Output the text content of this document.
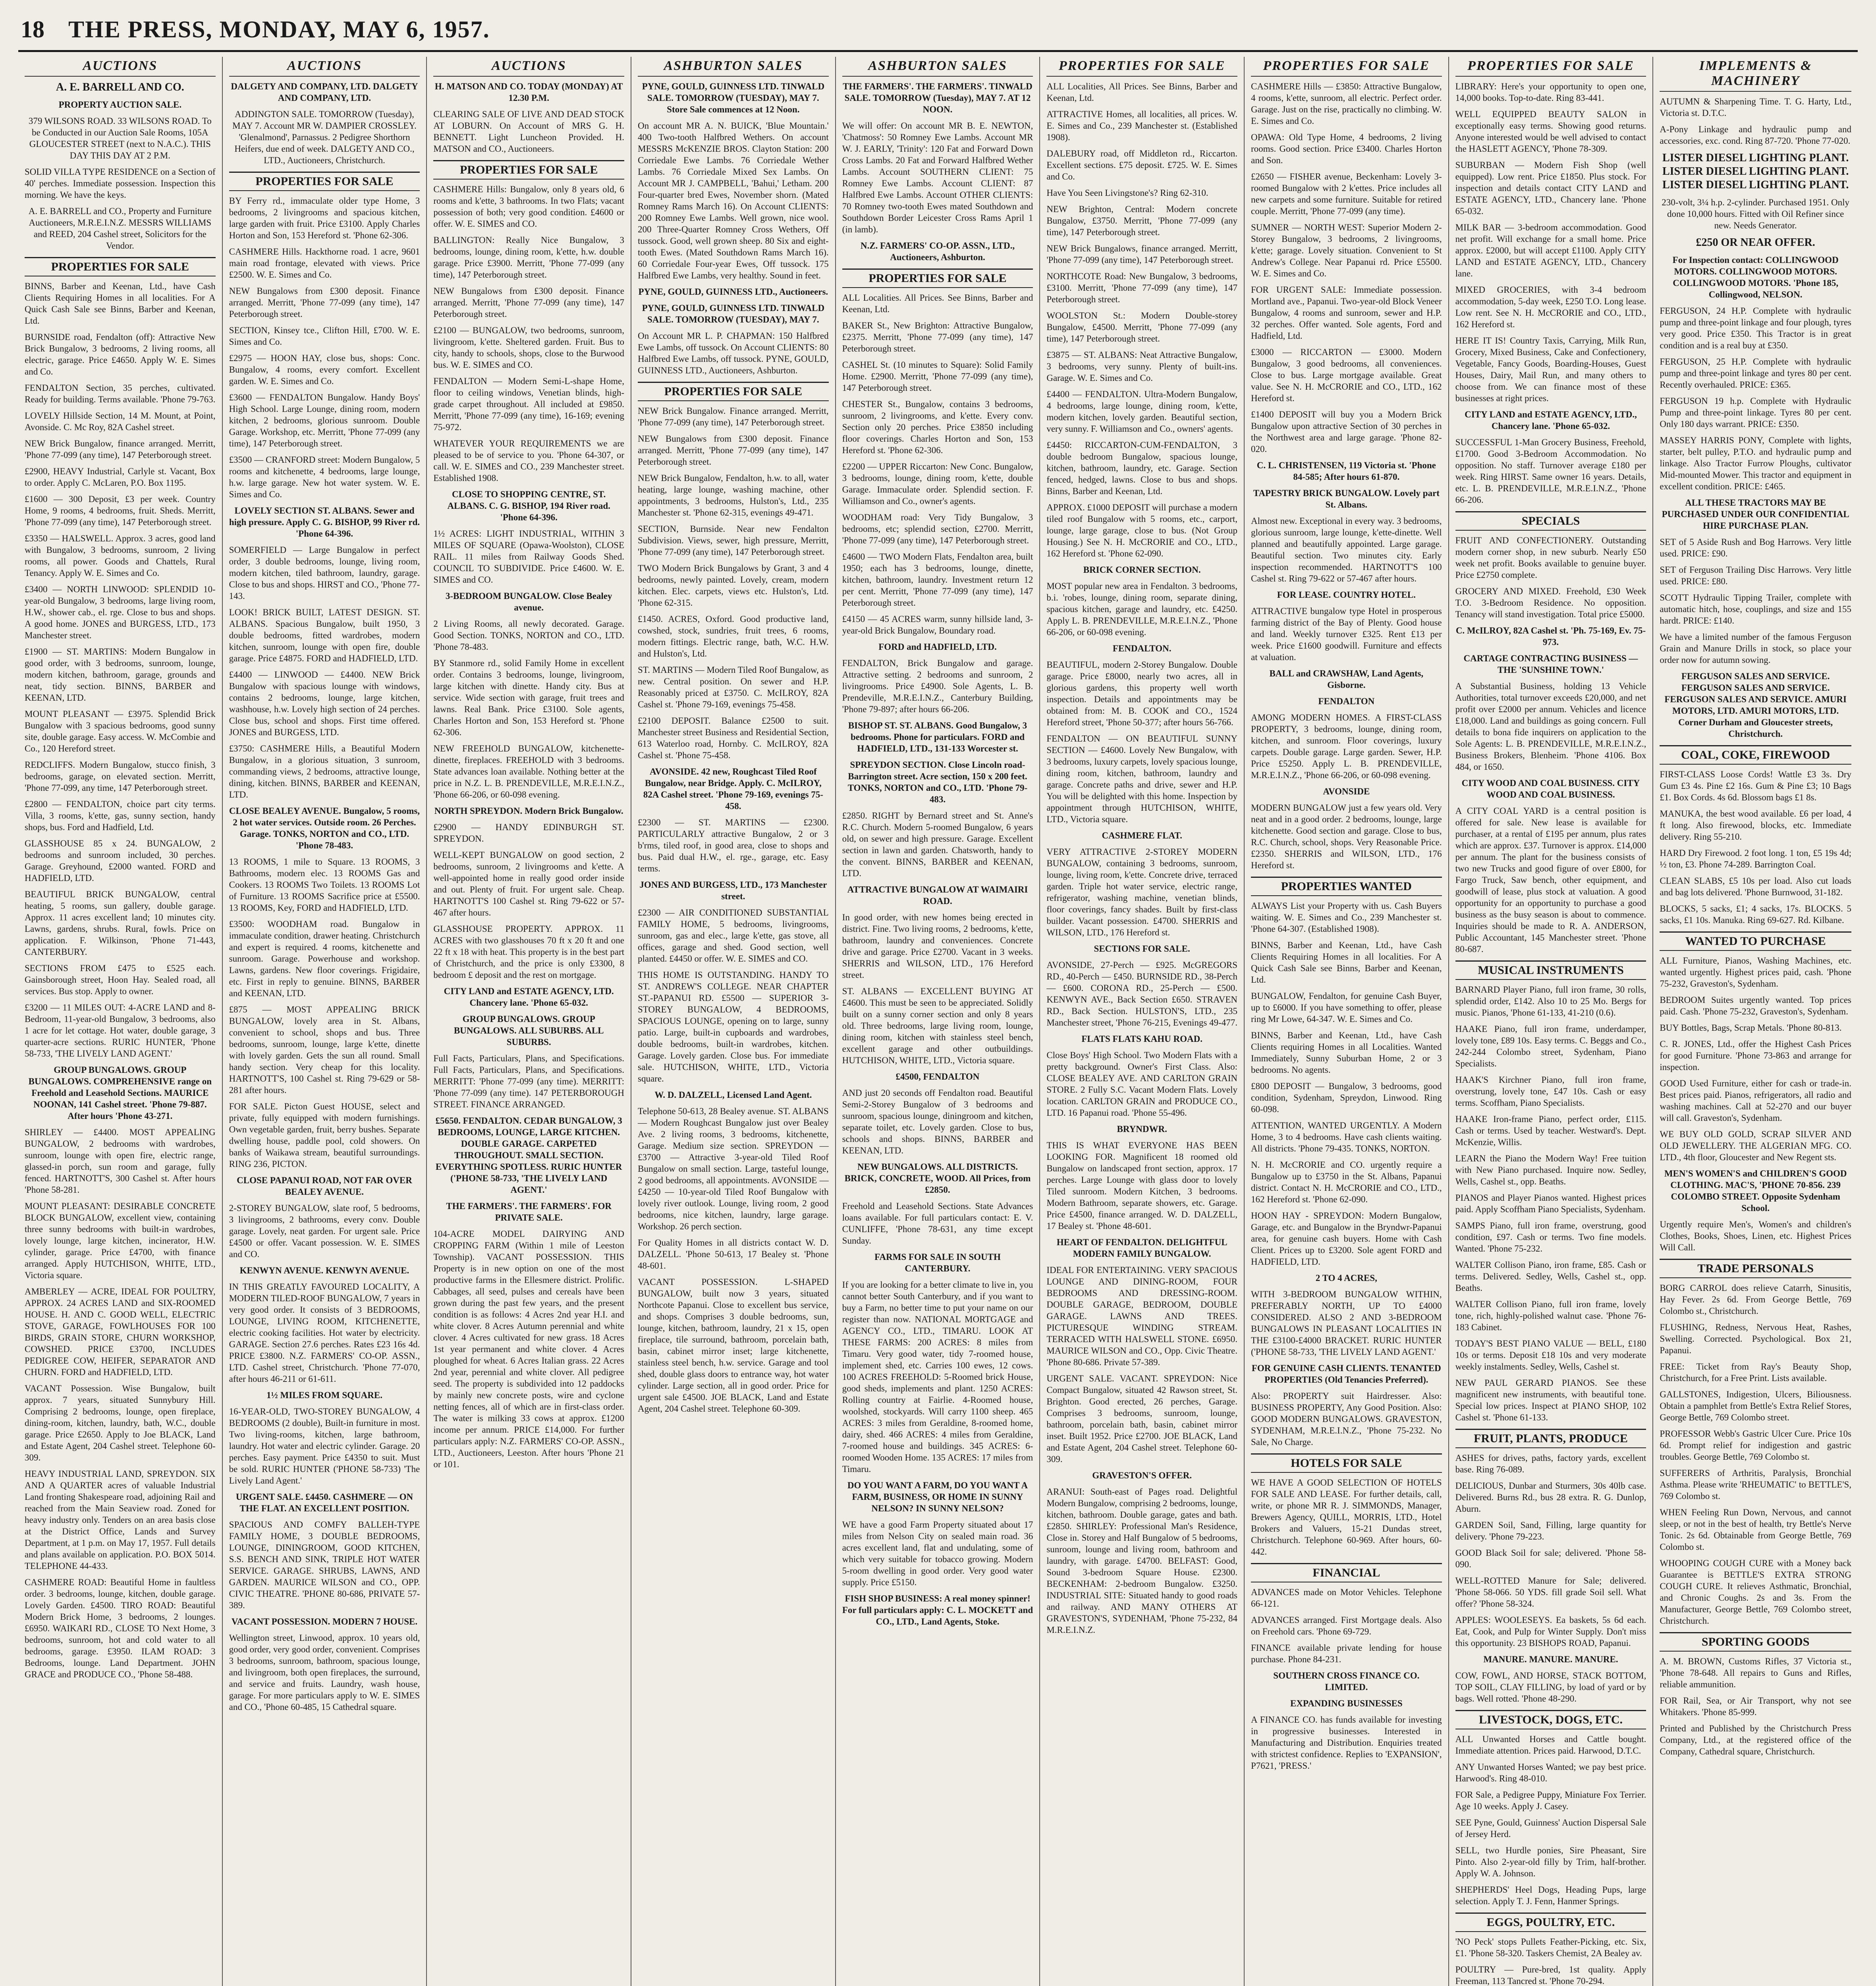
18 THE PRESS, MONDAY, MAY 6, 1957.
AUCTIONS
A. E. BARRELL AND CO.
PROPERTY AUCTION SALE.
379 WILSONS ROAD. 33 WILSONS ROAD. To be Conducted in our Auction Sale Rooms, 105A GLOUCESTER STREET (next to N.A.C.). THIS DAY THIS DAY AT 2 P.M.
SOLID VILLA TYPE RESIDENCE on a Section of 40' perches. Immediate possession. Inspection this morning. We have the keys.
A. E. BARRELL and CO., Property and Furniture Auctioneers, M.R.E.I.N.Z. MESSRS WILLIAMS and REED, 204 Cashel street, Solicitors for the Vendor.
PROPERTIES FOR SALE
BINNS, Barber and Keenan, Ltd., have Cash Clients Requiring Homes in all localities. For A Quick Cash Sale see Binns, Barber and Keenan, Ltd.
BURNSIDE road, Fendalton (off): Attractive New Brick Bungalow, 3 bedrooms, 2 living rooms, all electric, garage. Price £4650. Apply W. E. Simes and Co.
FENDALTON Section, 35 perches, cultivated. Ready for building. Terms available. 'Phone 79-763.
LOVELY Hillside Section, 14 M. Mount, at Point, Avonside. C. Mc Roy, 82A Cashel street.
NEW Brick Bungalow, finance arranged. Merritt, 'Phone 77-099 (any time), 147 Peterborough street.
£2900, HEAVY Industrial, Carlyle st. Vacant, Box to order. Apply C. McLaren, P.O. Box 1195.
£1600 — 300 Deposit, £3 per week. Country Home, 9 rooms, 4 bedrooms, fruit. Sheds. Merritt, 'Phone 77-099 (any time), 147 Peterborough street.
£3350 — HALSWELL. Approx. 3 acres, good land with Bungalow, 3 bedrooms, sunroom, 2 living rooms, all power. Goods and Chattels, Rural Tenancy. Apply W. E. Simes and Co.
£3400 — NORTH LINWOOD: SPLENDID 10-year-old Bungalow, 3 bedrooms, large living room, H.W., shower cab., el. rge. Close to bus and shops. A good home. JONES and BURGESS, LTD., 173 Manchester street.
£1900 — ST. MARTINS: Modern Bungalow in good order, with 3 bedrooms, sunroom, lounge, modern kitchen, bathroom, garage, grounds and neat, tidy section. BINNS, BARBER and KEENAN, LTD.
MOUNT PLEASANT — £3975. Splendid Brick Bungalow with 3 spacious bedrooms, good sunny site, double garage. Easy access. W. McCombie and Co., 120 Hereford street.
REDCLIFFS. Modern Bungalow, stucco finish, 3 bedrooms, garage, on elevated section. Merritt, 'Phone 77-099, any time, 147 Peterborough street.
£2800 — FENDALTON, choice part city terms. Villa, 3 rooms, k'ette, gas, sunny section, handy shops, bus. Ford and Hadfield, Ltd.
GLASSHOUSE 85 x 24. BUNGALOW, 2 bedrooms and sunroom included, 30 perches. Garage. Greyhound, £2000 wanted. FORD and HADFIELD, LTD.
BEAUTIFUL BRICK BUNGALOW, central heating, 5 rooms, sun gallery, double garage. Approx. 11 acres excellent land; 10 minutes city. Lawns, gardens, shrubs. Rural, fowls. Price on application. F. Wilkinson, 'Phone 71-443, CANTERBURY.
SECTIONS FROM £475 to £525 each. Gainsborough street, Hoon Hay. Sealed road, all services. Bus stop. Apply to owner.
£3200 — 11 MILES OUT: 4-ACRE LAND and 8-Bedroom, 11-year-old Bungalow, 3 bedrooms, also 1 acre for let cottage. Hot water, double garage, 3 quarter-acre sections. RURIC HUNTER, 'Phone 58-733, 'THE LIVELY LAND AGENT.'
GROUP BUNGALOWS. GROUP BUNGALOWS. COMPREHENSIVE range on Freehold and Leasehold Sections. MAURICE NOONAN, 141 Cashel street. 'Phone 79-887. After hours 'Phone 43-271.
SHIRLEY — £4400. MOST APPEALING BUNGALOW, 2 bedrooms with wardrobes, sunroom, lounge with open fire, electric range, glassed-in porch, sun room and garage, fully fenced. HARTNOTT'S, 300 Cashel st. After hours 'Phone 58-281.
MOUNT PLEASANT: DESIRABLE CONCRETE BLOCK BUNGALOW, excellent view, containing three sunny bedrooms with built-in wardrobes, lovely lounge, large kitchen, incinerator, H.W. cylinder, garage. Price £4700, with finance arranged. Apply HUTCHISON, WHITE, LTD., Victoria square.
AMBERLEY — ACRE, IDEAL FOR POULTRY, APPROX. 24 ACRES LAND and SIX-ROOMED HOUSE. H. AND C. GOOD WELL, ELECTRIC STOVE, GARAGE, FOWLHOUSES FOR 100 BIRDS, GRAIN STORE, CHURN WORKSHOP, COWSHED. PRICE £3700, INCLUDES PEDIGREE COW, HEIFER, SEPARATOR AND CHURN. FORD and HADFIELD, LTD.
VACANT Possession. Wise Bungalow, built approx. 7 years, situated Sunnybury Hill. Comprising 2 bedrooms, lounge, open fireplace, dining-room, kitchen, laundry, bath, W.C., double garage. Price £2650. Apply to Joe BLACK, Land and Estate Agent, 204 Cashel street. Telephone 60-309.
HEAVY INDUSTRIAL LAND, SPREYDON. SIX AND A QUARTER acres of valuable Industrial Land fronting Shakespeare road, adjoining Rail and reached from the Main Seaview road. Zoned for heavy industry only. Tenders on an area basis close at the District Office, Lands and Survey Department, at 1 p.m. on May 17, 1957. Full details and plans available on application. P.O. BOX 5014. TELEPHONE 44-433.
CASHMERE ROAD: Beautiful Home in faultless order. 3 bedrooms, lounge, kitchen, double garage. Lovely Garden. £4500. TIRO ROAD: Beautiful Modern Brick Home, 3 bedrooms, 2 lounges. £6950. WAIKARI RD., CLOSE TO Next Home, 3 bedrooms, sunroom, hot and cold water to all bedrooms, garage. £3950. ILAM ROAD: 3 Bedrooms, lounge. Land Department. JOHN GRACE and PRODUCE CO., 'Phone 58-488.
AUCTIONS
DALGETY AND COMPANY, LTD. DALGETY AND COMPANY, LTD.
ADDINGTON SALE. TOMORROW (Tuesday), MAY 7. Account MR W. DAMPIER CROSSLEY. 'Glenalmond', Parnassus. 2 Pedigree Shorthorn Heifers, due end of week. DALGETY AND CO., LTD., Auctioneers, Christchurch.
PROPERTIES FOR SALE
BY Ferry rd., immaculate older type Home, 3 bedrooms, 2 livingrooms and spacious kitchen, large garden with fruit. Price £3100. Apply Charles Horton and Son, 153 Hereford st. 'Phone 62-306.
CASHMERE Hills. Hackthorne road. 1 acre, 9601 main road frontage, elevated with views. Price £2500. W. E. Simes and Co.
NEW Bungalows from £300 deposit. Finance arranged. Merritt, 'Phone 77-099 (any time), 147 Peterborough street.
SECTION, Kinsey tce., Clifton Hill, £700. W. E. Simes and Co.
£2975 — HOON HAY, close bus, shops: Conc. Bungalow, 4 rooms, every comfort. Excellent garden. W. E. Simes and Co.
£3600 — FENDALTON Bungalow. Handy Boys' High School. Large Lounge, dining room, modern kitchen, 2 bedrooms, glorious sunroom. Double Garage. Workshop, etc. Merritt, 'Phone 77-099 (any time), 147 Peterborough street.
£3500 — CRANFORD street: Modern Bungalow, 5 rooms and kitchenette, 4 bedrooms, large lounge, h.w. large garage. New hot water system. W. E. Simes and Co.
LOVELY SECTION ST. ALBANS. Sewer and high pressure. Apply C. G. BISHOP, 99 River rd. 'Phone 64-396.
SOMERFIELD — Large Bungalow in perfect order, 3 double bedrooms, lounge, living room, modern kitchen, tiled bathroom, laundry, garage. Close to bus and shops. HIRST and CO., 'Phone 77-143.
LOOK! BRICK BUILT, LATEST DESIGN. ST. ALBANS. Spacious Bungalow, built 1950, 3 double bedrooms, fitted wardrobes, modern kitchen, sunroom, lounge with open fire, double garage. Price £4875. FORD and HADFIELD, LTD.
£4400 — LINWOOD — £4400. NEW Brick Bungalow with spacious lounge with windows, contains 2 bedrooms, lounge, large kitchen, washhouse, h.w. Lovely high section of 24 perches. Close bus, school and shops. First time offered. JONES and BURGESS, LTD.
£3750: CASHMERE Hills, a Beautiful Modern Bungalow, in a glorious situation, 3 sunroom, commanding views, 2 bedrooms, attractive lounge, dining, kitchen. BINNS, BARBER and KEENAN, LTD.
CLOSE BEALEY AVENUE. Bungalow, 5 rooms, 2 hot water services. Outside room. 26 Perches. Garage. TONKS, NORTON and CO., LTD. 'Phone 78-483.
13 ROOMS, 1 mile to Square. 13 ROOMS, 3 Bathrooms, modern elec. 13 ROOMS Gas and Cookers. 13 ROOMS Two Toilets. 13 ROOMS Lot of Furniture. 13 ROOMS Sacrifice price at £5500. 13 ROOMS, Key, FORD and HADFIELD, LTD.
£3500: WOODHAM road. Bungalow in immaculate condition, drawer heating. Christchurch and expert is required. 4 rooms, kitchenette and sunroom. Garage. Powerhouse and workshop. Lawns, gardens. New floor coverings. Frigidaire, etc. First in reply to genuine. BINNS, BARBER and KEENAN, LTD.
£875 — MOST APPEALING BRICK BUNGALOW, lovely area in St. Albans, convenient to school, shops and bus. Three bedrooms, sunroom, lounge, large k'ette, dinette with lovely garden. Gets the sun all round. Small handy section. Very cheap for this locality. HARTNOTT'S, 100 Cashel st. Ring 79-629 or 58-281 after hours.
FOR SALE. Picton Guest HOUSE, select and private, fully equipped with modern furnishings. Own vegetable garden, fruit, berry bushes. Separate dwelling house, paddle pool, cold showers. On banks of Waikawa stream, beautiful surroundings. RING 236, PICTON.
CLOSE PAPANUI ROAD, NOT FAR OVER BEALEY AVENUE.
2-STOREY BUNGALOW, slate roof, 5 bedrooms, 3 livingrooms, 2 bathrooms, every conv. Double garage. Lovely, neat garden. For urgent sale. Price £4500 or offer. Vacant possession. W. E. SIMES and CO.
KENWYN AVENUE. KENWYN AVENUE.
IN THIS GREATLY FAVOURED LOCALITY, A MODERN TILED-ROOF BUNGALOW, 7 years in very good order. It consists of 3 BEDROOMS, LOUNGE, LIVING ROOM, KITCHENETTE, electric cooking facilities. Hot water by electricity. GARAGE. Section 27.6 perches. Rates £23 16s 4d. PRICE £3800. N.Z. FARMERS' CO-OP. ASSN., LTD. Cashel street, Christchurch. 'Phone 77-070, after hours 46-211 or 61-611.
1½ MILES FROM SQUARE.
16-YEAR-OLD, TWO-STOREY BUNGALOW, 4 BEDROOMS (2 double), Built-in furniture in most. Two living-rooms, kitchen, large bathroom, laundry. Hot water and electric cylinder. Garage. 20 perches. Easy payment. Price £4350 to suit. Must be sold. RURIC HUNTER ('PHONE 58-733) 'The Lively Land Agent.'
URGENT SALE. £4450. CASHMERE — ON THE FLAT. AN EXCELLENT POSITION.
SPACIOUS AND COMFY BALLEH-TYPE FAMILY HOME, 3 DOUBLE BEDROOMS, LOUNGE, DININGROOM, GOOD KITCHEN, S.S. BENCH AND SINK, TRIPLE HOT WATER SERVICE. GARAGE. SHRUBS, LAWNS, AND GARDEN. MAURICE WILSON and CO., OPP. CIVIC THEATRE. 'PHONE 80-686, PRIVATE 57-389.
VACANT POSSESSION. MODERN 7 HOUSE.
Wellington street, Linwood, approx. 10 years old, good order, very good order, convenient. Comprises 3 bedrooms, sunroom, bathroom, spacious lounge, and livingroom, both open fireplaces, the surround, and service and fruits. Laundry, wash house, garage. For more particulars apply to W. E. SIMES and CO., 'Phone 60-485, 15 Cathedral square.
AUCTIONS
H. MATSON AND CO. TODAY (MONDAY) AT 12.30 P.M.
CLEARING SALE OF LIVE AND DEAD STOCK AT LOBURN. On Account of MRS G. H. BENNETT. Light Luncheon Provided. H. MATSON and CO., Auctioneers.
PROPERTIES FOR SALE
CASHMERE Hills: Bungalow, only 8 years old, 6 rooms and k'ette, 3 bathrooms. In two Flats; vacant possession of both; very good condition. £4600 or offer. W. E. SIMES and CO.
BALLINGTON: Really Nice Bungalow, 3 bedrooms, lounge, dining room, k'ette, h.w. double garage. Price £3900. Merritt, 'Phone 77-099 (any time), 147 Peterborough street.
NEW Bungalows from £300 deposit. Finance arranged. Merritt, 'Phone 77-099 (any time), 147 Peterborough street.
£2100 — BUNGALOW, two bedrooms, sunroom, livingroom, k'ette. Sheltered garden. Fruit. Bus to city, handy to schools, shops, close to the Burwood bus. W. E. SIMES and CO.
FENDALTON — Modern Semi-L-shape Home, floor to ceiling windows, Venetian blinds, high-grade carpet throughout. All included at £9850. Merritt, 'Phone 77-099 (any time), 16-169; evening 75-972.
WHATEVER YOUR REQUIREMENTS we are pleased to be of service to you. 'Phone 64-307, or call. W. E. SIMES and CO., 239 Manchester street. Established 1908.
CLOSE TO SHOPPING CENTRE, ST. ALBANS. C. G. BISHOP, 194 River road. 'Phone 64-396.
1½ ACRES: LIGHT INDUSTRIAL, WITHIN 3 MILES OF SQUARE (Opawa-Woolston), CLOSE RAIL. 11 miles from Railway Goods Shed. COUNCIL TO SUBDIVIDE. Price £4600. W. E. SIMES and CO.
3-BEDROOM BUNGALOW. Close Bealey avenue.
2 Living Rooms, all newly decorated. Garage. Good Section. TONKS, NORTON and CO., LTD. 'Phone 78-483.
BY Stanmore rd., solid Family Home in excellent order. Contains 3 bedrooms, lounge, livingroom, large kitchen with dinette. Handy city. Bus at service. Wide section with garage, fruit trees and lawns. Real Bank. Price £3100. Sole agents, Charles Horton and Son, 153 Hereford st. 'Phone 62-306.
NEW FREEHOLD BUNGALOW, kitchenette-dinette, fireplaces. FREEHOLD with 3 bedrooms. State advances loan available. Nothing better at the price in N.Z. L. B. PRENDEVILLE, M.R.E.I.N.Z., 'Phone 66-206, or 60-098 evening.
NORTH SPREYDON. Modern Brick Bungalow.
£2900 — HANDY EDINBURGH ST. SPREYDON.
WELL-KEPT BUNGALOW on good section, 2 bedrooms, sunroom, 2 livingrooms and k'ette. A well-appointed home in really good order inside and out. Plenty of fruit. For urgent sale. Cheap. HARTNOTT'S 100 Cashel st. Ring 79-622 or 57-467 after hours.
GLASSHOUSE PROPERTY. APPROX. 11 ACRES with two glasshouses 70 ft x 20 ft and one 22 ft x 18 with heat. This property is in the best part of Christchurch, and the price is only £3300, 8 bedroom £ deposit and the rest on mortgage.
CITY LAND and ESTATE AGENCY, LTD. Chancery lane. 'Phone 65-032.
GROUP BUNGALOWS. GROUP BUNGALOWS. ALL SUBURBS. ALL SUBURBS.
Full Facts, Particulars, Plans, and Specifications. Full Facts, Particulars, Plans, and Specifications. MERRITT: 'Phone 77-099 (any time). MERRITT: 'Phone 77-099 (any time). 147 PETERBOROUGH STREET. FINANCE ARRANGED.
£5650. FENDALTON. CEDAR BUNGALOW, 3 BEDROOMS, LOUNGE, LARGE KITCHEN. DOUBLE GARAGE. CARPETED THROUGHOUT. SMALL SECTION. EVERYTHING SPOTLESS. RURIC HUNTER ('PHONE 58-733, 'THE LIVELY LAND AGENT.'
THE FARMERS'. THE FARMERS'. FOR PRIVATE SALE.
104-ACRE MODEL DAIRYING AND CROPPING FARM (Within 1 mile of Leeston Township). VACANT POSSESSION. THIS Property is in new option on one of the most productive farms in the Ellesmere district. Prolific. Cabbages, all seed, pulses and cereals have been grown during the past few years, and the present condition is as follows: 4 Acres 2nd year H.I. and white clover. 8 Acres Autumn perennial and white clover. 4 Acres cultivated for new grass. 18 Acres 1st year permanent and white clover. 4 Acres ploughed for wheat. 6 Acres Italian grass. 22 Acres 2nd year, perennial and white clover. All pedigree seed. The property is subdivided into 12 paddocks by mainly new concrete posts, wire and cyclone netting fences, all of which are in first-class order. The water is milking 33 cows at approx. £1200 income per annum. PRICE £14,000. For further particulars apply: N.Z. FARMERS' CO-OP. ASSN., LTD., Auctioneers, Leeston. After hours 'Phone 21 or 101.
ASHBURTON SALES
PYNE, GOULD, GUINNESS LTD. TINWALD SALE. TOMORROW (TUESDAY), MAY 7. Store Sale commences at 12 Noon.
On account MR A. N. BUICK, 'Blue Mountain.' 400 Two-tooth Halfbred Wethers. On account MESSRS McKENZIE BROS. Clayton Station: 200 Corriedale Ewe Lambs. 76 Corriedale Wether Lambs. 76 Corriedale Mixed Sex Lambs. On Account MR J. CAMPBELL, 'Bahui,' Letham. 200 Four-quarter bred Ewes, November shorn. (Mated Romney Rams March 16). On Account CLIENTS: 200 Romney Ewe Lambs. Well grown, nice wool. 200 Three-Quarter Romney Cross Wethers, Off tussock. Good, well grown sheep. 80 Six and eight-tooth Ewes. (Mated Southdown Rams March 16). 60 Corriedale Four-year Ewes, Off tussock. 175 Halfbred Ewe Lambs, very healthy. Sound in feet.
PYNE, GOULD, GUINNESS LTD., Auctioneers.
PYNE, GOULD, GUINNESS LTD. TINWALD SALE. TOMORROW (TUESDAY), MAY 7.
On Account MR L. P. CHAPMAN: 150 Halfbred Ewe Lambs, off tussock. On Account CLIENTS: 80 Halfbred Ewe Lambs, off tussock. PYNE, GOULD, GUINNESS LTD., Auctioneers, Ashburton.
PROPERTIES FOR SALE
NEW Brick Bungalow. Finance arranged. Merritt, 'Phone 77-099 (any time), 147 Peterborough street.
NEW Bungalows from £300 deposit. Finance arranged. Merritt, 'Phone 77-099 (any time), 147 Peterborough street.
NEW Brick Bungalow, Fendalton, h.w. to all, water heating, large lounge, washing machine, other appointments, 3 bedrooms, Hulston's, Ltd., 235 Manchester st. 'Phone 62-315, evenings 49-471.
SECTION, Burnside. Near new Fendalton Subdivision. Views, sewer, high pressure, Merritt, 'Phone 77-099 (any time), 147 Peterborough street.
TWO Modern Brick Bungalows by Grant, 3 and 4 bedrooms, newly painted. Lovely, cream, modern kitchen. Elec. carpets, views etc. Hulston's, Ltd. 'Phone 62-315.
£1450. ACRES, Oxford. Good productive land, cowshed, stock, sundries, fruit trees, 6 rooms, modern fittings. Electric range, bath, W.C. H.W. and Hulston's, Ltd.
ST. MARTINS — Modern Tiled Roof Bungalow, as new. Central position. On sewer and H.P. Reasonably priced at £3750. C. McILROY, 82A Cashel st. 'Phone 79-169, evenings 75-458.
£2100 DEPOSIT. Balance £2500 to suit. Manchester street Business and Residential Section, 613 Waterloo road, Hornby. C. McILROY, 82A Cashel st. 'Phone 75-458.
AVONSIDE. 42 new, Roughcast Tiled Roof Bungalow, near Bridge. Apply. C. McILROY, 82A Cashel street. 'Phone 79-169, evenings 75-458.
£2300 — ST. MARTINS — £2300. PARTICULARLY attractive Bungalow, 2 or 3 b'rms, tiled roof, in good area, close to shops and bus. Paid dual H.W., el. rge., garage, etc. Easy terms.
JONES AND BURGESS, LTD., 173 Manchester street.
£2300 — AIR CONDITIONED SUBSTANTIAL FAMILY HOME, 5 bedrooms, livingrooms, sunroom, gas and elec., large k'ette, gas stove, all offices, garage and shed. Good section, well planted. £4450 or offer. W. E. SIMES and CO.
THIS HOME IS OUTSTANDING. HANDY TO ST. ANDREW'S COLLEGE. NEAR CHAPTER ST.-PAPANUI RD. £5500 — SUPERIOR 3-STOREY BUNGALOW, 4 BEDROOMS, SPACIOUS LOUNGE, opening on to large, sunny patio. Large, built-in cupboards and wardrobes, double bedrooms, built-in wardrobes, kitchen. Garage. Lovely garden. Close bus. For immediate sale. HUTCHISON, WHITE, LTD., Victoria square.
W. D. DALZELL, Licensed Land Agent.
Telephone 50-613, 28 Bealey avenue. ST. ALBANS — Modern Roughcast Bungalow just over Bealey Ave. 2 living rooms, 3 bedrooms, kitchenette, Garage. Medium size section. SPREYDON — £3700 — Attractive 3-year-old Tiled Roof Bungalow on small section. Large, tasteful lounge, 2 good bedrooms, all appointments. AVONSIDE — £4250 — 10-year-old Tiled Roof Bungalow with lovely river outlook. Lounge, living room, 2 good bedrooms, nice kitchen, laundry, large garage. Workshop. 26 perch section.
For Quality Homes in all districts contact W. D. DALZELL. 'Phone 50-613, 17 Bealey st. 'Phone 48-601.
VACANT POSSESSION. L-SHAPED BUNGALOW, built now 3 years, situated Northcote Papanui. Close to excellent bus service, and shops. Comprises 3 double bedrooms, sun, lounge, kitchen, bathroom, laundry, 21 x 15, open fireplace, tile surround, bathroom, porcelain bath, basin, cabinet mirror inset; large kitchenette, stainless steel bench, h.w. service. Garage and tool shed, double glass doors to entrance way, hot water cylinder. Large section, all in good order. Price for urgent sale £4500. JOE BLACK, Land and Estate Agent, 204 Cashel street. Telephone 60-309.
ASHBURTON SALES
THE FARMERS'. THE FARMERS'. TINWALD SALE. TOMORROW (Tuesday), MAY 7. AT 12 NOON.
We will offer: On account MR B. E. NEWTON, 'Chatmoss': 50 Romney Ewe Lambs. Account MR W. J. EARLY, 'Trinity': 120 Fat and Forward Down Cross Lambs. 20 Fat and Forward Halfbred Wether Lambs. Account SOUTHERN CLIENT: 75 Romney Ewe Lambs. Account CLIENT: 87 Halfbred Ewe Lambs. Account OTHER CLIENTS: 70 Romney two-tooth Ewes mated Southdown and Southdown Border Leicester Cross Rams April 1 (in lamb).
N.Z. FARMERS' CO-OP. ASSN., LTD., Auctioneers, Ashburton.
PROPERTIES FOR SALE
ALL Localities. All Prices. See Binns, Barber and Keenan, Ltd.
BAKER St., New Brighton: Attractive Bungalow, £2375. Merritt, 'Phone 77-099 (any time), 147 Peterborough street.
CASHEL St. (10 minutes to Square): Solid Family Home. £2900. Merritt, 'Phone 77-099 (any time), 147 Peterborough street.
CHESTER St., Bungalow, contains 3 bedrooms, sunroom, 2 livingrooms, and k'ette. Every conv. Section only 20 perches. Price £3850 including floor coverings. Charles Horton and Son, 153 Hereford st. 'Phone 62-306.
£2200 — UPPER Riccarton: New Conc. Bungalow, 3 bedrooms, lounge, dining room, k'ette, double Garage. Immaculate order. Splendid section. F. Williamson and Co., owner's agents.
WOODHAM road: Very Tidy Bungalow, 3 bedrooms, etc; splendid section, £2700. Merritt, 'Phone 77-099 (any time), 147 Peterborough street.
£4600 — TWO Modern Flats, Fendalton area, built 1950; each has 3 bedrooms, lounge, dinette, kitchen, bathroom, laundry. Investment return 12 per cent. Merritt, 'Phone 77-099 (any time), 147 Peterborough street.
£4150 — 45 ACRES warm, sunny hillside land, 3-year-old Brick Bungalow, Boundary road.
FORD and HADFIELD, LTD.
FENDALTON, Brick Bungalow and garage. Attractive setting. 2 bedrooms and sunroom, 2 livingrooms. Price £4900. Sole Agents, L. B. Prendeville, M.R.E.I.N.Z., Canterbury Building, 'Phone 79-897; after hours 66-206.
BISHOP ST. ST. ALBANS. Good Bungalow, 3 bedrooms. Phone for particulars. FORD and HADFIELD, LTD., 131-133 Worcester st.
SPREYDON SECTION. Close Lincoln road-Barrington street. Acre section, 150 x 200 feet. TONKS, NORTON and CO., LTD. 'Phone 79-483.
£2850. RIGHT by Bernard street and St. Anne's R.C. Church. Modern 5-roomed Bungalow, 6 years old, on sewer and high pressure. Garage. Excellent section in lawn and garden. Chatsworth, handy to the convent. BINNS, BARBER and KEENAN, LTD.
ATTRACTIVE BUNGALOW AT WAIMAIRI ROAD.
In good order, with new homes being erected in district. Fine. Two living rooms, 2 bedrooms, k'ette, bathroom, laundry and conveniences. Concrete drive and garage. Price £2700. Vacant in 3 weeks. SHERRIS and WILSON, LTD., 176 Hereford street.
ST. ALBANS — EXCELLENT BUYING AT £4600. This must be seen to be appreciated. Solidly built on a sunny corner section and only 8 years old. Three bedrooms, large living room, lounge, dining room, kitchen with stainless steel bench, excellent garage and other outbuildings. HUTCHISON, WHITE, LTD., Victoria square.
£4500, FENDALTON
AND just 20 seconds off Fendalton road. Beautiful Semi-2-Storey Bungalow of 3 bedrooms and sunroom, spacious lounge, diningroom and kitchen, separate toilet, etc. Lovely garden. Close to bus, schools and shops. BINNS, BARBER and KEENAN, LTD.
NEW BUNGALOWS. ALL DISTRICTS. BRICK, CONCRETE, WOOD. All Prices, from £2850.
Freehold and Leasehold Sections. State Advances loans available. For full particulars contact: E. V. CUNLIFFE, 'Phone 78-631, any time except Sunday.
FARMS FOR SALE IN SOUTH CANTERBURY.
If you are looking for a better climate to live in, you cannot better South Canterbury, and if you want to buy a Farm, no better time to put your name on our register than now. NATIONAL MORTGAGE and AGENCY CO., LTD., TIMARU. LOOK AT THESE FARMS: 200 ACRES: 8 miles from Timaru. Very good water, tidy 7-roomed house, implement shed, etc. Carries 100 ewes, 12 cows. 100 ACRES FREEHOLD: 5-Roomed brick House, good sheds, implements and plant. 1250 ACRES: Rolling country at Fairlie. 4-Roomed house, woolshed, stockyards. Will carry 1100 sheep. 465 ACRES: 3 miles from Geraldine, 8-roomed home, dairy, shed. 466 ACRES: 4 miles from Geraldine, 7-roomed house and buildings. 345 ACRES: 6-roomed Wooden Home. 135 ACRES: 17 miles from Timaru.
DO YOU WANT A FARM, DO YOU WANT A FARM, BUSINESS, OR HOME IN SUNNY NELSON? IN SUNNY NELSON?
WE have a good Farm Property situated about 17 miles from Nelson City on sealed main road. 36 acres excellent land, flat and undulating, some of which very suitable for tobacco growing. Modern 5-room dwelling in good order. Very good water supply. Price £5150.
FISH SHOP BUSINESS: A real money spinner! For full particulars apply: C. L. MOCKETT and CO., LTD., Land Agents, Stoke.
PROPERTIES FOR SALE
ALL Localities, All Prices. See Binns, Barber and Keenan, Ltd.
ATTRACTIVE Homes, all localities, all prices. W. E. Simes and Co., 239 Manchester st. (Established 1908).
DALEBURY road, off Middleton rd., Riccarton. Excellent sections. £75 deposit. £725. W. E. Simes and Co.
Have You Seen Livingstone's? Ring 62-310.
NEW Brighton, Central: Modern concrete Bungalow, £3750. Merritt, 'Phone 77-099 (any time), 147 Peterborough street.
NEW Brick Bungalows, finance arranged. Merritt, 'Phone 77-099 (any time), 147 Peterborough street.
NORTHCOTE Road: New Bungalow, 3 bedrooms, £3100. Merritt, 'Phone 77-099 (any time), 147 Peterborough street.
WOOLSTON St.: Modern Double-storey Bungalow, £4500. Merritt, 'Phone 77-099 (any time), 147 Peterborough street.
£3875 — ST. ALBANS: Neat Attractive Bungalow, 3 bedrooms, very sunny. Plenty of built-ins. Garage. W. E. Simes and Co.
£4400 — FENDALTON. Ultra-Modern Bungalow, 4 bedrooms, large lounge, dining room, k'ette, modern kitchen, lovely garden. Beautiful section, very sunny. F. Williamson and Co., owners' agents.
£4450: RICCARTON-CUM-FENDALTON, 3 double bedroom Bungalow, spacious lounge, kitchen, bathroom, laundry, etc. Garage. Section fenced, hedged, lawns. Close to bus and shops. Binns, Barber and Keenan, Ltd.
APPROX. £1000 DEPOSIT will purchase a modern tiled roof Bungalow with 5 rooms, etc., carport, lounge, large garage, close to bus. (Not Group Housing.) See N. H. McCRORIE and CO., LTD., 162 Hereford st. 'Phone 62-090.
BRICK CORNER SECTION.
MOST popular new area in Fendalton. 3 bedrooms, b.i. 'robes, lounge, dining room, separate dining, spacious kitchen, garage and laundry, etc. £4250. Apply L. B. PRENDEVILLE, M.R.E.I.N.Z., 'Phone 66-206, or 60-098 evening.
FENDALTON.
BEAUTIFUL, modern 2-Storey Bungalow. Double garage. Price £8000, nearly two acres, all in glorious gardens, this property well worth inspection. Details and appointments may be obtained from: M. B. COOK and CO., 1524 Hereford street, 'Phone 50-377; after hours 56-766.
FENDALTON — ON BEAUTIFUL SUNNY SECTION — £4600. Lovely New Bungalow, with 3 bedrooms, luxury carpets, lovely spacious lounge, dining room, kitchen, bathroom, laundry and garage. Concrete paths and drive, sewer and H.P. You will be delighted with this home. Inspection by appointment through HUTCHISON, WHITE, LTD., Victoria square.
CASHMERE FLAT.
VERY ATTRACTIVE 2-STOREY MODERN BUNGALOW, containing 3 bedrooms, sunroom, lounge, living room, k'ette. Concrete drive, terraced garden. Triple hot water service, electric range, refrigerator, washing machine, venetian blinds, floor coverings, fancy shades. Built by first-class builder. Vacant possession. £4700. SHERRIS and WILSON, LTD., 176 Hereford st.
SECTIONS FOR SALE.
AVONSIDE, 27-Perch — £925. McGREGORS RD., 40-Perch — £450. BURNSIDE RD., 38-Perch — £600. CORONA RD., 25-Perch — £500. KENWYN AVE., Back Section £650. STRAVEN RD., Back Section. HULSTON'S, LTD., 235 Manchester street, 'Phone 76-215, Evenings 49-477.
FLATS FLATS KAHU ROAD.
Close Boys' High School. Two Modern Flats with a pretty background. Owner's First Class. Also: CLOSE BEALEY AVE. AND CARLTON GRAIN STORE. 2 Fully S.C. Vacant Modern Flats. Lovely location. CARLTON GRAIN and PRODUCE CO., LTD. 16 Papanui road. 'Phone 55-496.
BRYNDWR.
THIS IS WHAT EVERYONE HAS BEEN LOOKING FOR. Magnificent 18 roomed old Bungalow on landscaped front section, approx. 17 perches. Large Lounge with glass door to lovely Tiled sunroom. Modern Kitchen, 3 bedrooms. Modern Bathroom, separate showers, etc. Garage. Price £4500, finance arranged. W. D. DALZELL, 17 Bealey st. 'Phone 48-601.
HEART OF FENDALTON. DELIGHTFUL MODERN FAMILY BUNGALOW.
IDEAL FOR ENTERTAINING. VERY SPACIOUS LOUNGE AND DINING-ROOM, FOUR BEDROOMS AND DRESSING-ROOM. DOUBLE GARAGE, BEDROOM, DOUBLE GARAGE. LAWNS AND TREES. PICTURESQUE WINDING STREAM. TERRACED WITH HALSWELL STONE. £6950. MAURICE WILSON and CO., Opp. Civic Theatre. 'Phone 80-686. Private 57-389.
URGENT SALE. VACANT. SPREYDON: Nice Compact Bungalow, situated 42 Rawson street, St. Brighton. Good erected, 26 perches, Garage. Comprises 3 bedrooms, sunroom, lounge, bathroom, porcelain bath, basin, cabinet mirror inset. Built 1952. Price £2700. JOE BLACK, Land and Estate Agent, 204 Cashel street. Telephone 60-309.
GRAVESTON'S OFFER.
ARANUI: South-east of Pages road. Delightful Modern Bungalow, comprising 2 bedrooms, lounge, kitchen, bathroom. Double garage, gates and bath. £2850. SHIRLEY: Professional Man's Residence, Close in. Storey and Half Bungalow of 5 bedrooms, sunroom, lounge and living room, bathroom and laundry, with garage. £4700. BELFAST: Good, Sound 3-bedroom Square House. £2300. BECKENHAM: 2-bedroom Bungalow. £3250. INDUSTRIAL SITE: Situated handy to good roads and railway. AND MANY OTHERS AT GRAVESTON'S, SYDENHAM, 'Phone 75-232, 84 M.R.E.I.N.Z.
PROPERTIES FOR SALE
CASHMERE Hills — £3850: Attractive Bungalow, 4 rooms, k'ette, sunroom, all electric. Perfect order. Garage. Just on the rise, practically no climbing. W. E. Simes and Co.
OPAWA: Old Type Home, 4 bedrooms, 2 living rooms. Good section. Price £3400. Charles Horton and Son.
£2650 — FISHER avenue, Beckenham: Lovely 3-roomed Bungalow with 2 k'ettes. Price includes all new carpets and some furniture. Suitable for retired couple. Merritt, 'Phone 77-099 (any time).
SUMNER — NORTH WEST: Superior Modern 2-Storey Bungalow, 3 bedrooms, 2 livingrooms, k'ette; garage. Lovely situation. Convenient to St Andrew's College. Near Papanui rd. Price £5500. W. E. Simes and Co.
FOR URGENT SALE: Immediate possession. Mortland ave., Papanui. Two-year-old Block Veneer Bungalow, 4 rooms and sunroom, sewer and H.P. 32 perches. Offer wanted. Sole agents, Ford and Hadfield, Ltd.
£3000 — RICCARTON — £3000. Modern Bungalow, 3 good bedrooms, all conveniences. Close to bus. Large mortgage available. Great value. See N. H. McCRORIE and CO., LTD., 162 Hereford st.
£1400 DEPOSIT will buy you a Modern Brick Bungalow upon attractive Section of 30 perches in the Northwest area and large garage. 'Phone 82-020.
C. L. CHRISTENSEN, 119 Victoria st. 'Phone 84-585; After hours 61-870.
TAPESTRY BRICK BUNGALOW. Lovely part St. Albans.
Almost new. Exceptional in every way. 3 bedrooms, glorious sunroom, large lounge, k'ette-dinette. Well planned and beautifully appointed. Large garage. Beautiful section. Two minutes city. Early inspection recommended. HARTNOTT'S 100 Cashel st. Ring 79-622 or 57-467 after hours.
FOR LEASE. COUNTRY HOTEL.
ATTRACTIVE bungalow type Hotel in prosperous farming district of the Bay of Plenty. Good house and land. Weekly turnover £325. Rent £13 per week. Price £1600 goodwill. Furniture and effects at valuation.
BALL and CRAWSHAW, Land Agents, Gisborne.
FENDALTON
AMONG MODERN HOMES. A FIRST-CLASS PROPERTY, 3 bedrooms, lounge, dining room, kitchen, and sunroom. Floor coverings, luxury carpets. Double garage. Large garden. Sewer, H.P. Price £5250. Apply L. B. PRENDEVILLE, M.R.E.I.N.Z., 'Phone 66-206, or 60-098 evening.
AVONSIDE
MODERN BUNGALOW just a few years old. Very neat and in a good order. 2 bedrooms, lounge, large kitchenette. Good section and garage. Close to bus, R.C. Church, school, shops. Very Reasonable Price. £2350. SHERRIS and WILSON, LTD., 176 Hereford st.
PROPERTIES WANTED
ALWAYS List your Property with us. Cash Buyers waiting. W. E. Simes and Co., 239 Manchester st. 'Phone 64-307. (Established 1908).
BINNS, Barber and Keenan, Ltd., have Cash Clients Requiring Homes in all localities. For A Quick Cash Sale see Binns, Barber and Keenan, Ltd.
BUNGALOW, Fendalton, for genuine Cash Buyer, up to £6000. If you have something to offer, please ring Mr Lowe, 64-347. W. E. Simes and Co.
BINNS, Barber and Keenan, Ltd., have Cash Clients requiring Homes in all Localities. Wanted Immediately, Sunny Suburban Home, 2 or 3 bedrooms. No agents.
£800 DEPOSIT — Bungalow, 3 bedrooms, good condition, Sydenham, Spreydon, Linwood. Ring 60-098.
ATTENTION, WANTED URGENTLY. A Modern Home, 3 to 4 bedrooms. Have cash clients waiting. All districts. 'Phone 79-435. TONKS, NORTON.
N. H. McCRORIE and CO. urgently require a Bungalow up to £3750 in the St. Albans, Papanui district. Contact N. H. McCRORIE and CO., LTD., 162 Hereford st. 'Phone 62-090.
HOON HAY - SPREYDON: Modern Bungalow, Garage, etc. and Bungalow in the Bryndwr-Papanui area, for genuine cash buyers. Home with Cash Client. Prices up to £3200. Sole agent FORD and HADFIELD, LTD.
2 TO 4 ACRES,
WITH 3-BEDROOM BUNGALOW WITHIN, PREFERABLY NORTH, UP TO £4000 CONSIDERED. ALSO 2 AND 3-BEDROOM BUNGALOWS IN PLEASANT LOCALITIES IN THE £3100-£4000 BRACKET. RURIC HUNTER ('PHONE 58-733, 'THE LIVELY LAND AGENT.'
FOR GENUINE CASH CLIENTS. TENANTED PROPERTIES (Old Tenancies Preferred).
Also: PROPERTY suit Hairdresser. Also: BUSINESS PROPERTY, Any Good Position. Also: GOOD MODERN BUNGALOWS. GRAVESTON, SYDENHAM, M.R.E.I.N.Z., 'Phone 75-232. No Sale, No Charge.
HOTELS FOR SALE
WE HAVE A GOOD SELECTION OF HOTELS FOR SALE AND LEASE. For further details, call, write, or phone MR R. J. SIMMONDS, Manager, Brewers Agency, QUILL, MORRIS, LTD., Hotel Brokers and Valuers, 15-21 Dundas street, Christchurch. Telephone 60-969. After hours, 60-442.
FINANCIAL
ADVANCES made on Motor Vehicles. Telephone 66-121.
ADVANCES arranged. First Mortgage deals. Also on Freehold cars. 'Phone 69-729.
FINANCE available private lending for house purchase. Phone 84-231.
SOUTHERN CROSS FINANCE CO. LIMITED.
EXPANDING BUSINESSES
A FINANCE CO. has funds available for investing in progressive businesses. Interested in Manufacturing and Distribution. Enquiries treated with strictest confidence. Replies to 'EXPANSION', P7621, 'PRESS.'
PROPERTIES FOR SALE
LIBRARY: Here's your opportunity to open one, 14,000 books. Top-to-date. Ring 83-441.
WELL EQUIPPED BEAUTY SALON in exceptionally easy terms. Showing good returns. Anyone interested would be well advised to contact the HASLETT AGENCY, 'Phone 78-309.
SUBURBAN — Modern Fish Shop (well equipped). Low rent. Price £1850. Plus stock. For inspection and details contact CITY LAND and ESTATE AGENCY, LTD., Chancery lane. 'Phone 65-032.
MILK BAR — 3-bedroom accommodation. Good net profit. Will exchange for a small home. Price approx. £2000, but will accept £1100. Apply CITY LAND and ESTATE AGENCY, LTD., Chancery lane.
MIXED GROCERIES, with 3-4 bedroom accommodation, 5-day week, £250 T.O. Long lease. Low rent. See N. H. McCRORIE and CO., LTD., 162 Hereford st.
HERE IT IS! Country Taxis, Carrying, Milk Run, Grocery, Mixed Business, Cake and Confectionery, Vegetable, Fancy Goods, Boarding-Houses, Guest Houses, Dairy, Mail Run, and many others to choose from. We can finance most of these businesses at right prices.
CITY LAND and ESTATE AGENCY, LTD., Chancery lane. 'Phone 65-032.
SUCCESSFUL 1-Man Grocery Business, Freehold, £1700. Good 3-Bedroom Accommodation. No opposition. No staff. Turnover average £180 per week. Ring HIRST. Same owner 16 years. Details, etc. L. B. PRENDEVILLE, M.R.E.I.N.Z., 'Phone 66-206.
SPECIALS
FRUIT AND CONFECTIONERY. Outstanding modern corner shop, in new suburb. Nearly £50 week net profit. Books available to genuine buyer. Price £2750 complete.
GROCERY AND MIXED. Freehold, £30 Week T.O. 3-Bedroom Residence. No opposition. Tenancy will stand investigation. Total price £5000.
C. McILROY, 82A Cashel st. 'Ph. 75-169, Ev. 75-973.
CARTAGE CONTRACTING BUSINESS — THE 'SUNSHINE TOWN.'
A Substantial Business, holding 13 Vehicle Authorities, total turnover exceeds £20,000, and net profit over £2000 per annum. Vehicles and licence £18,000. Land and buildings as going concern. Full details to bona fide inquirers on application to the Sole Agents: L. B. PRENDEVILLE, M.R.E.I.N.Z., Business Brokers, Blenheim. 'Phone 4106. Box 484, or 1650.
CITY WOOD AND COAL BUSINESS. CITY WOOD AND COAL BUSINESS.
A CITY COAL YARD is a central position is offered for sale. New lease is available for purchaser, at a rental of £195 per annum, plus rates which are approx. £37. Turnover is approx. £14,000 per annum. The plant for the business consists of two new Trucks and good figure of over £800, for Fargo Truck, Saw bench, other equipment, and goodwill of lease, plus stock at valuation. A good opportunity for an opportunity to purchase a good business as the busy season is about to commence. Inquiries should be made to R. A. ANDERSON, Public Accountant, 145 Manchester street. 'Phone 80-687.
MUSICAL INSTRUMENTS
BARNARD Player Piano, full iron frame, 30 rolls, splendid order, £142. Also 10 to 25 Mo. Bergs for music. Pianos, 'Phone 61-133, 41-210 (0.6).
HAAKE Piano, full iron frame, underdamper, lovely tone, £89 10s. Easy terms. C. Beggs and Co., 242-244 Colombo street, Sydenham, Piano Specialists.
HAAK'S Kirchner Piano, full iron frame, overstrung, lovely tone, £47 10s. Cash or easy terms. Scoffham, Piano Specialists.
HAAKE Iron-frame Piano, perfect order, £115. Cash or terms. Used by teacher. Westward's. Dept. McKenzie, Willis.
LEARN the Piano the Modern Way! Free tuition with New Piano purchased. Inquire now. Sedley, Wells, Cashel st., opp. Beaths.
PIANOS and Player Pianos wanted. Highest prices paid. Apply Scoffham Piano Specialists, Sydenham.
SAMPS Piano, full iron frame, overstrung, good condition, £97. Cash or terms. Two fine models. Wanted. 'Phone 75-232.
WALTER Collison Piano, iron frame, £85. Cash or terms. Delivered. Sedley, Wells, Cashel st., opp. Beaths.
WALTER Collison Piano, full iron frame, lovely tone, rich, highly-polished walnut case. 'Phone 76-183 Cabinet.
TODAY'S BEST PIANO VALUE — BELL, £180 10s or terms. Deposit £18 10s and very moderate weekly instalments. Sedley, Wells, Cashel st.
NEW PAUL GERARD PIANOS. See these magnificent new instruments, with beautiful tone. Special low prices. Inspect at PIANO SHOP, 102 Cashel st. 'Phone 61-133.
FRUIT, PLANTS, PRODUCE
ASHES for drives, paths, factory yards, excellent base. Ring 76-089.
DELICIOUS, Dunbar and Sturmers, 30s 40lb case. Delivered. Burns Rd., bus 28 extra. R. G. Dunlop, Aburn.
GARDEN Soil, Sand, Filling, large quantity for delivery. 'Phone 79-223.
GOOD Black Soil for sale; delivered. 'Phone 58-090.
WELL-ROTTED Manure for Sale; delivered. 'Phone 58-066. 50 YDS. fill grade Soil sell. What offer? 'Phone 58-324.
APPLES: WOOLESEYS. Ea baskets, 5s 6d each. Eat, Cook, and Pulp for Winter Supply. Don't miss this opportunity. 23 BISHOPS ROAD, Papanui.
MANURE. MANURE. MANURE.
COW, FOWL, AND HORSE, STACK BOTTOM, TOP SOIL, CLAY FILLING, by load of yard or by bags. Well rotted. 'Phone 48-290.
LIVESTOCK, DOGS, ETC.
ALL Unwanted Horses and Cattle bought. Immediate attention. Prices paid. Harwood, D.T.C.
ANY Unwanted Horses Wanted; we pay best price. Harwood's. Ring 48-010.
FOR Sale, a Pedigree Puppy, Miniature Fox Terrier. Age 10 weeks. Apply J. Casey.
SEE Pyne, Gould, Guinness' Auction Dispersal Sale of Jersey Herd.
SELL, two Hurdle ponies, Sire Pheasant, Sire Pinto. Also 2-year-old filly by Trim, half-brother. Apply W. A. Johnson.
SHEPHERDS' Heel Dogs, Heading Pups, large selection. Apply T. J. Fenn, Hanmer Springs.
EGGS, POULTRY, ETC.
'NO Peck' stops Pullets Feather-Picking, etc. Six, £1. 'Phone 58-320. Taskers Chemist, 2A Bealey av.
POULTRY — Pure-bred, 1st quality. Apply Freeman, 113 Tancred st. 'Phone 70-294.
IMPLEMENTS & MACHINERY
AUTUMN & Sharpening Time. T. G. Harty, Ltd., Victoria st. D.T.C.
A-Pony Linkage and hydraulic pump and accessories, exc. cond. Ring 87-720. 'Phone 77-020.
LISTER DIESEL LIGHTING PLANT. LISTER DIESEL LIGHTING PLANT. LISTER DIESEL LIGHTING PLANT.
230-volt, 3¼ h.p. 2-cylinder. Purchased 1951. Only done 10,000 hours. Fitted with Oil Refiner since new. Needs Generator.
£250 OR NEAR OFFER.
For Inspection contact: COLLINGWOOD MOTORS. COLLINGWOOD MOTORS. COLLINGWOOD MOTORS. 'Phone 185, Collingwood, NELSON.
FERGUSON, 24 H.P. Complete with hydraulic pump and three-point linkage and four plough, tyres very good. Price £350. This Tractor is in great condition and is a real buy at £350.
FERGUSON, 25 H.P. Complete with hydraulic pump and three-point linkage and tyres 80 per cent. Recently overhauled. PRICE: £365.
FERGUSON 19 h.p. Complete with Hydraulic Pump and three-point linkage. Tyres 80 per cent. Only 180 days warrant. PRICE: £350.
MASSEY HARRIS PONY, Complete with lights, starter, belt pulley, P.T.O. and hydraulic pump and linkage. Also Tractor Furrow Ploughs, cultivator Mid-mounted Mower. This tractor and equipment in excellent condition. PRICE: £465.
ALL THESE TRACTORS MAY BE PURCHASED UNDER OUR CONFIDENTIAL HIRE PURCHASE PLAN.
SET of 5 Aside Rush and Bog Harrows. Very little used. PRICE: £90.
SET of Ferguson Trailing Disc Harrows. Very little used. PRICE: £80.
SCOTT Hydraulic Tipping Trailer, complete with automatic hitch, hose, couplings, and size and 155 hardt. PRICE: £140.
We have a limited number of the famous Ferguson Grain and Manure Drills in stock, so place your order now for autumn sowing.
FERGUSON SALES AND SERVICE. FERGUSON SALES AND SERVICE. FERGUSON SALES AND SERVICE. AMURI MOTORS, LTD. AMURI MOTORS, LTD. Corner Durham and Gloucester streets, Christchurch.
COAL, COKE, FIREWOOD
FIRST-CLASS Loose Cords! Wattle £3 3s. Dry Gum £3 4s. Pine £2 16s. Gum & Pine £3; 10 Bags £1. Box Cords. 4s 6d. Blossom bags £1 8s.
MANUKA, the best wood available. £6 per load, 4 ft long. Also firewood, blocks, etc. Immediate delivery. Ring 55-210.
HARD Dry Firewood. 2 foot long. 1 ton, £5 19s 4d; ½ ton, £3. Phone 74-289. Barrington Coal.
CLEAN SLABS, £5 10s per load. Also cut loads and bag lots delivered. 'Phone Burnwood, 31-182.
BLOCKS, 5 sacks, £1; 4 sacks, 17s. BLOCKS. 5 sacks, £1 10s. Manuka. Ring 69-627. Rd. Kilbane.
WANTED TO PURCHASE
ALL Furniture, Pianos, Washing Machines, etc. wanted urgently. Highest prices paid, cash. 'Phone 75-232, Graveston's, Sydenham.
BEDROOM Suites urgently wanted. Top prices paid. Cash. 'Phone 75-232, Graveston's, Sydenham.
BUY Bottles, Bags, Scrap Metals. 'Phone 80-813.
C. R. JONES, Ltd., offer the Highest Cash Prices for good Furniture. 'Phone 73-863 and arrange for inspection.
GOOD Used Furniture, either for cash or trade-in. Best prices paid. Pianos, refrigerators, all radio and washing machines. Call at 52-270 and our buyer will call. Graveston's, Sydenham.
WE BUY OLD GOLD, SCRAP SILVER AND OLD JEWELLERY. THE ALGERIAN MFG. CO. LTD., 4th floor, Gloucester and New Regent sts.
MEN'S WOMEN'S and CHILDREN'S GOOD CLOTHING. MAC'S, 'PHONE 70-856. 239 COLOMBO STREET. Opposite Sydenham School.
Urgently require Men's, Women's and children's Clothes, Books, Shoes, Linen, etc. Highest Prices Will Call.
TRADE PERSONALS
BORG CARROL does relieve Catarrh, Sinusitis, Hay Fever. 2s 6d. From George Bettle, 769 Colombo st., Christchurch.
FLUSHING, Redness, Nervous Heat, Rashes, Swelling. Corrected. Psychological. Box 21, Papanui.
FREE: Ticket from Ray's Beauty Shop, Christchurch, for a Free Print. Lists available.
GALLSTONES, Indigestion, Ulcers, Biliousness. Obtain a pamphlet from Bettle's Extra Relief Stores, George Bettle, 769 Colombo street.
PROFESSOR Webb's Gastric Ulcer Cure. Price 10s 6d. Prompt relief for indigestion and gastric troubles. George Bettle, 769 Colombo st.
SUFFERERS of Arthritis, Paralysis, Bronchial Asthma. Please write 'RHEUMATIC' to BETTLE'S, 769 Colombo st.
WHEN Feeling Run Down, Nervous, and cannot sleep, or not in the best of health, try Bettle's Nerve Tonic. 2s 6d. Obtainable from George Bettle, 769 Colombo st.
WHOOPING COUGH CURE with a Money back Guarantee is BETTLE'S EXTRA STRONG COUGH CURE. It relieves Asthmatic, Bronchial, and Chronic Coughs. 2s and 3s. From the Manufacturer, George Bettle, 769 Colombo street, Christchurch.
SPORTING GOODS
A. M. BROWN, Customs Rifles, 37 Victoria st., 'Phone 78-648. All repairs to Guns and Rifles, reliable ammunition.
FOR Rail, Sea, or Air Transport, why not see Whitakers. 'Phone 85-999.
Printed and Published by the Christchurch Press Company, Ltd., at the registered office of the Company, Cathedral square, Christchurch.
